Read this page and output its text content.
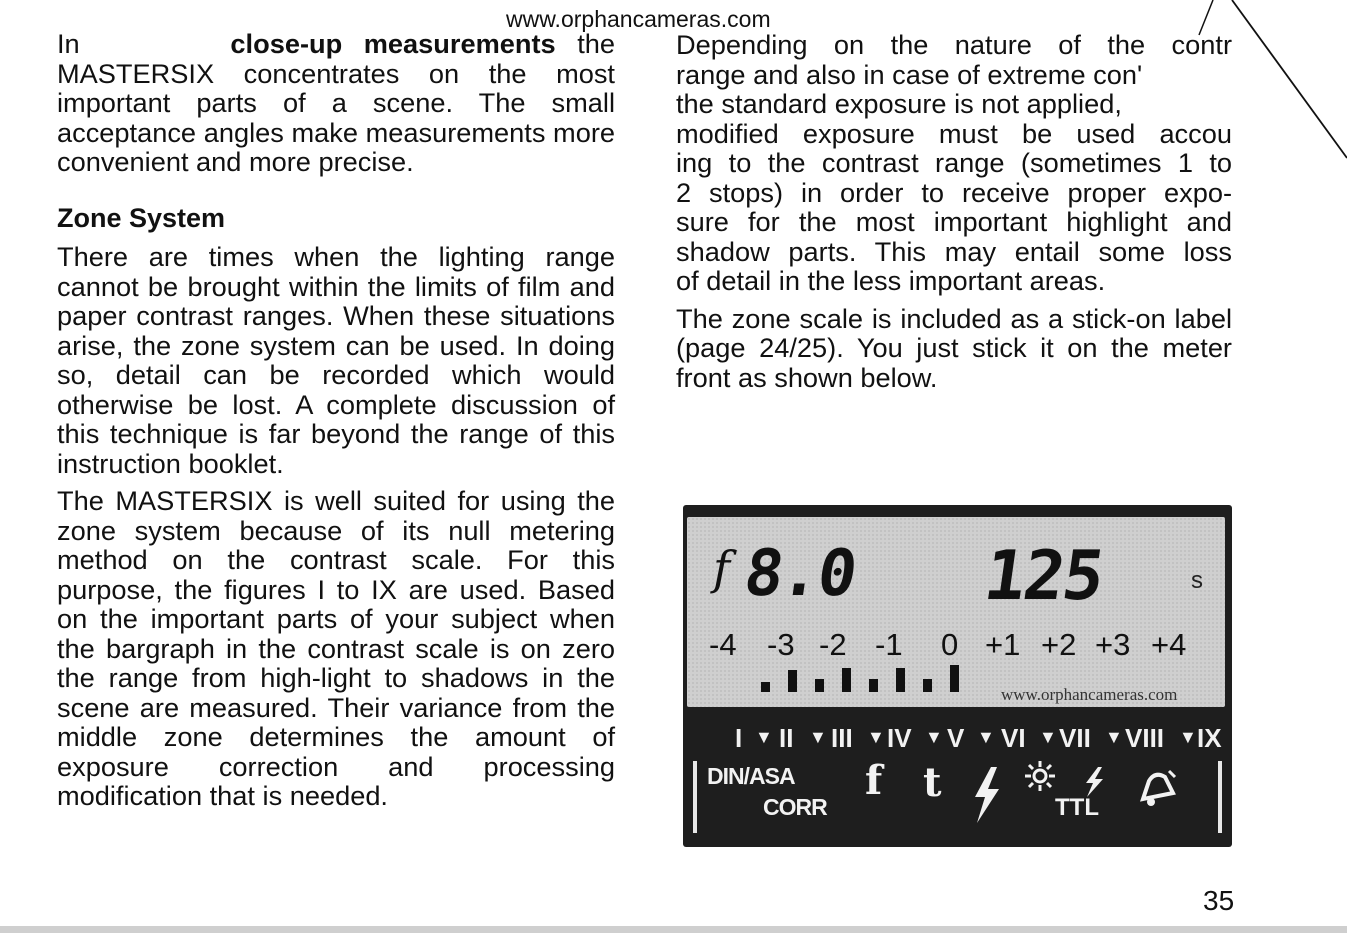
www.orphancameras.com

In	close-up measurements the MASTERSIX concentrates on the most important parts of a scene. The small acceptance angles make measurements more convenient and more precise.

Zone System

There are times when the lighting range cannot be brought within the limits of film and paper contrast ranges. When these situations arise, the zone system can be used. In doing so, detail can be recorded which would otherwise be lost. A complete discussion of this technique is far beyond the range of this instruction booklet.

The MASTERSIX is well suited for using the zone system because of its null metering method on the contrast scale. For this purpose, the figures I to IX are used. Based on the important parts of your subject when the bargraph in the contrast scale is on zero the range from high-light to shadows in the scene are measured. Their variance from the middle zone determines the amount of exposure correction and processing modification that is needed.

Depending on the nature of the contr
range and also in case of extreme con'
the standard exposure is not applied,
modified exposure must be used accou
ing to the contrast range (sometimes 1 to
2 stops) in order to receive proper expo-
sure for the most important highlight and
shadow parts. This may entail some loss
of detail in the less important areas.

The zone scale is included as a stick-on label (page 24/25). You just stick it on the meter front as shown below.

f 8.0 125	s
-4 -3 -2 -1 0 +1 +2 +3 +4
www.orphancameras.com
I ▼ II ▼ III ▼ IV ▼ V ▼ VI ▼ VII ▼ VIII ▼ IX
DIN/ASA
CORR
f t
TTL
35
